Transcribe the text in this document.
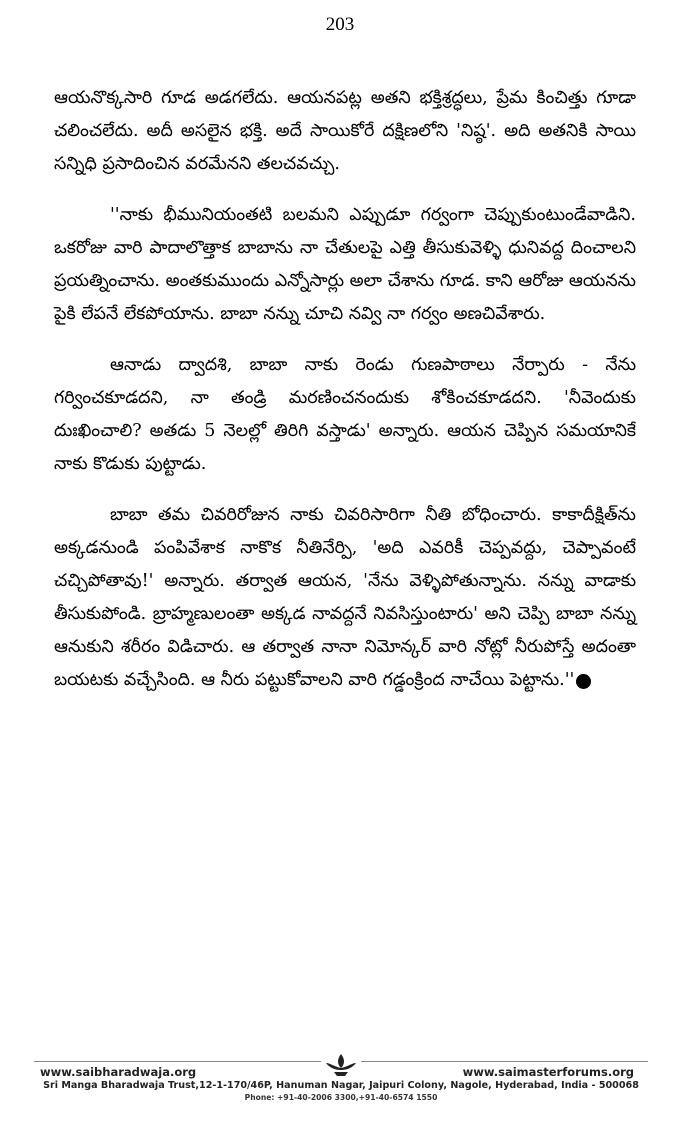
203

ఆయనొక్కసారి గూడ అడగలేదు. ఆయనపట్ల అతని భక్తిశ్రద్ధలు, ప్రేమ కించిత్తు గూడా చలించలేదు. అదీ అసలైన భక్తి. అదే సాయికోరే దక్షిణలోని 'నిష్ఠ'. అది అతనికి సాయి సన్నిధి ప్రసాదించిన వరమేనని తలచవచ్చు.

''నాకు భీమునియంతటి బలమని ఎప్పుడూ గర్వంగా చెప్పుకుంటుండేవాడిని. ఒకరోజు వారి పాదాలొత్తాక బాబాను నా చేతులపై ఎత్తి తీసుకువెళ్ళి ధునివద్ద దించాలని ప్రయత్నించాను. అంతకుముందు ఎన్నోసార్లు అలా చేశాను గూడ. కాని ఆరోజు ఆయనను పైకి లేపనే లేకపోయాను. బాబా నన్ను చూచి నవ్వి నా గర్వం అణచివేశారు.

ఆనాడు ద్వాదశి, బాబా నాకు రెండు గుణపాఠాలు నేర్పారు - నేను గర్వించకూడదని, నా తండ్రి మరణించనందుకు శోకించకూడదని. 'నీవెందుకు దుఃఖించాలి? అతడు 5 నెలల్లో తిరిగి వస్తాడు' అన్నారు. ఆయన చెప్పిన సమయానికే నాకు కొడుకు పుట్టాడు.

బాబా తమ చివరిరోజున నాకు చివరిసారిగా నీతి బోధించారు. కాకాదీక్షిత్‌ను అక్కడనుండి పంపివేశాక నాకొక నీతినేర్పి, 'అది ఎవరికీ చెప్పవద్దు, చెప్పావంటే చచ్చిపోతావు!' అన్నారు. తర్వాత ఆయన, 'నేను వెళ్ళిపోతున్నాను. నన్ను వాడాకు తీసుకుపోండి. బ్రాహ్మణులంతా అక్కడ నావద్దనే నివసిస్తుంటారు' అని చెప్పి బాబా నన్ను ఆనుకుని శరీరం విడిచారు. ఆ తర్వాత నానా నిమోన్కర్ వారి నోట్లో నీరుపోస్తే అదంతా బయటకు వచ్చేసింది. ఆ నీరు పట్టుకోవాలని వారి గడ్డంక్రింద నాచేయి పెట్టాను.''	★

www.saibharadwaja.org	www.saimasterforums.org
Sri Manga Bharadwaja Trust,12-1-170/46P, Hanuman Nagar, Jaipuri Colony, Nagole, Hyderabad, India - 500068
Phone: +91-40-2006 3300,+91-40-6574 1550
